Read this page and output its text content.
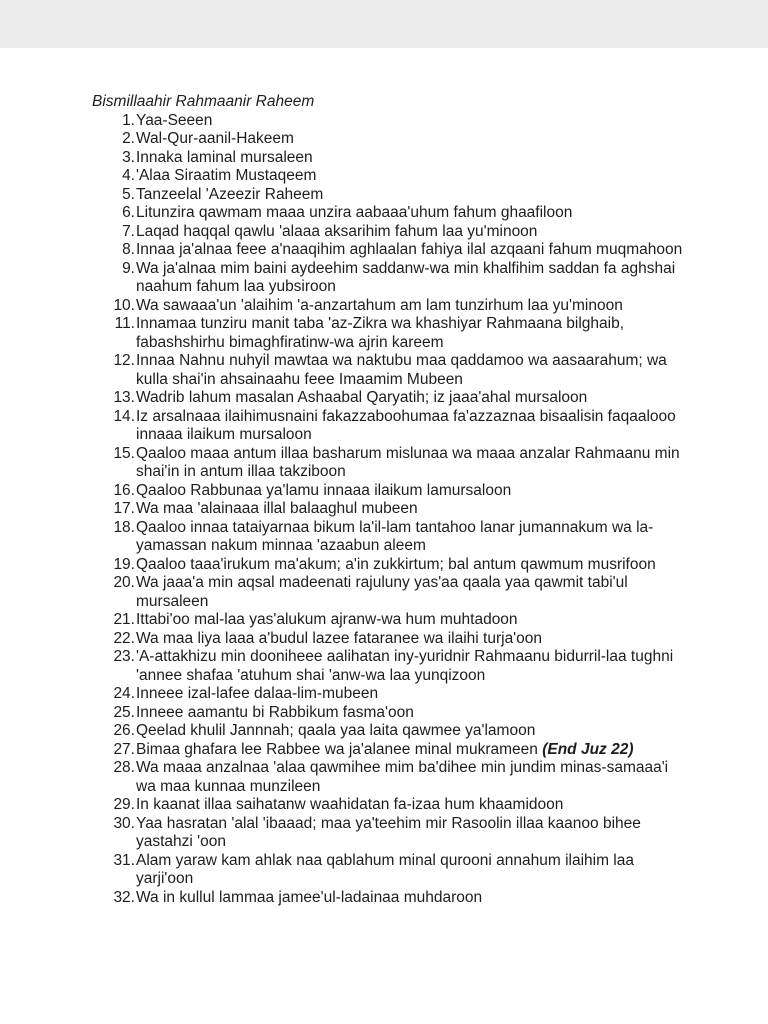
Bismillaahir Rahmaanir Raheem

1. Yaa-Seeen
2. Wal-Qur-aanil-Hakeem
3. Innaka laminal mursaleen
4. 'Alaa Siraatim Mustaqeem
5. Tanzeelal 'Azeezir Raheem
6. Litunzira qawmam maaa unzira aabaaa'uhum fahum ghaafiloon
7. Laqad haqqal qawlu 'alaaa aksarihim fahum laa yu'minoon
8. Innaa ja'alnaa feee a'naaqihim aghlaalan fahiya ilal azqaani fahum muqmahoon
9. Wa ja'alnaa mim baini aydeehim saddanw-wa min khalfihim saddan fa aghshai naahum fahum laa yubsiroon
10. Wa sawaaa'un 'alaihim 'a-anzartahum am lam tunzirhum laa yu'minoon
11. Innamaa tunziru manit taba 'az-Zikra wa khashiyar Rahmaana bilghaib, fabashshirhu bimaghfiratinw-wa ajrin kareem
12. Innaa Nahnu nuhyil mawtaa wa naktubu maa qaddamoo wa aasaarahum; wa kulla shai'in ahsainaahu feee Imaamim Mubeen
13. Wadrib lahum masalan Ashaabal Qaryatih; iz jaaa'ahal mursaloon
14. Iz arsalnaaa ilaihimusnaini fakazzaboohumaa fa'azzaznaa bisaalisin faqaalooo innaaa ilaikum mursaloon
15. Qaaloo maaa antum illaa basharum mislunaa wa maaa anzalar Rahmaanu min shai'in in antum illaa takziboon
16. Qaaloo Rabbunaa ya'lamu innaaa ilaikum lamursaloon
17. Wa maa 'alainaaa illal balaaghul mubeen
18. Qaaloo innaa tataiyarnaa bikum la'il-lam tantahoo lanar jumannakum wa la-yamassan nakum minnaa 'azaabun aleem
19. Qaaloo taaa'irukum ma'akum; a'in zukkirtum; bal antum qawmum musrifoon
20. Wa jaaa'a min aqsal madeenati rajuluny yas'aa qaala yaa qawmit tabi'ul mursaleen
21. Ittabi'oo mal-laa yas'alukum ajranw-wa hum muhtadoon
22. Wa maa liya laaa a'budul lazee fataranee wa ilaihi turja'oon
23. 'A-attakhizu min dooniheee aalihatan iny-yuridnir Rahmaanu bidurril-laa tughni 'annee shafaa 'atuhum shai 'anw-wa laa yunqizoon
24. Inneee izal-lafee dalaa-lim-mubeen
25. Inneee aamantu bi Rabbikum fasma'oon
26. Qeelad khulil Jannnah; qaala yaa laita qawmee ya'lamoon
27. Bimaa ghafara lee Rabbee wa ja'alanee minal mukrameen (End Juz 22)
28. Wa maaa anzalnaa 'alaa qawmihee mim ba'dihee min jundim minas-samaaa'i wa maa kunnaa munzileen
29. In kaanat illaa saihatanw waahidatan fa-izaa hum khaamidoon
30. Yaa hasratan 'alal 'ibaaad; maa ya'teehim mir Rasoolin illaa kaanoo bihee yastahzi 'oon
31. Alam yaraw kam ahlak naa qablahum minal qurooni annahum ilaihim laa yarji'oon
32. Wa in kullul lammaa jamee'ul-ladainaa muhdaroon
